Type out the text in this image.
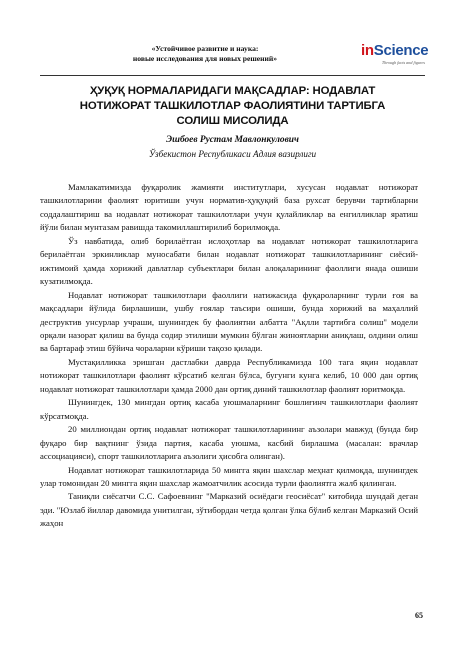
«Устойчивое развитие и наука:
новые исследования для новых решений»	inScience
Through facts and figures
ҲУҚУҚ НОРМАЛАРИДАГИ МАҚСАДЛАР: НОДАВЛАТ
НОТИЖОРАТ ТАШКИЛОТЛАР ФАОЛИЯТИНИ ТАРТИБГА
СОЛИШ МИСОЛИДА
Эшбоев Рустам Мавлонкулович
Ўзбекистон Республикаси Адлия вазирлиги

Мамлакатимизда фуқаролик жамияти институтлари, хусусан нодавлат нотижорат ташкилотларини фаолият юритиши учун норматив-ҳуқуқий база рухсат берувчи тартибларни соддалаштириш ва нодавлат нотижорат ташкилотлари учун қулайликлар ва енгилликлар яратиш йўли билан мунтазам равишда такомиллаштирилиб борилмоқда.

Ўз навбатида, олиб борилаётган ислоҳотлар ва нодавлат нотижорат ташкилотларига берилаётган эркинликлар муносабати билан нодавлат нотижорат ташкилотларининг сиёсий-ижтимоий ҳамда хорижий давлатлар субъектлари билан алоқаларининг фаоллиги янада ошиши кузатилмоқда.

Нодавлат нотижорат ташкилотлари фаоллиги натижасида фуқароларнинг турли ғоя ва мақсадлари йўлида бирлашиши, ушбу ғоялар таъсири ошиши, бунда хорижий ва маҳаллий деструктив унсурлар учраши, шунингдек бу фаолиятни албатта "Ақлли тартибга солиш" модели орқали назорат қилиш ва бунда содир этилиши мумкин бўлган жиноятларни аниқлаш, олдини олиш ва бартараф этиш бўйича чораларни кўриши тақозо қилади.

Мустақилликка эришган дастлабки даврда Республикамизда 100 тага яқин нодавлат нотижорат ташкилотлари фаолият кўрсатиб келган бўлса, бугунги кунга келиб, 10 000 дан ортиқ нодавлат нотижорат ташкилотлари ҳамда 2000 дан ортиқ диний ташкилотлар фаолият юритмоқда.

Шунингдек, 130 мингдан ортиқ касаба уюшмаларнинг бошлиғинч ташкилотлари фаолият кўрсатмоқда.

20 миллиондан ортиқ нодавлат нотижорат ташкилотларининг аъзолари мавжуд (бунда бир фуқаро бир вақтнинг ўзида партия, касаба уюшма, касбий бирлашма (масалан: врачлар ассоциацияси), спорт ташкилотларига аъзолиги ҳисобга олинган).

Нодавлат нотижорат ташкилотларида 50 мингга яқин шахслар меҳнат қилмоқда, шунингдек улар томонидан 20 мингга яқин шахслар жамоатчилик асосида турли фаолиятга жалб қилинган.

Таниқли сиёсатчи С.С. Сафоевнинг "Марказий осиёдаги геосиёсат" китобида шундай деган эди. "Юзлаб йиллар давомида унитилган, зўтибордан четда қолган ўлка бўлиб келган Марказий Осий жаҳон

65
